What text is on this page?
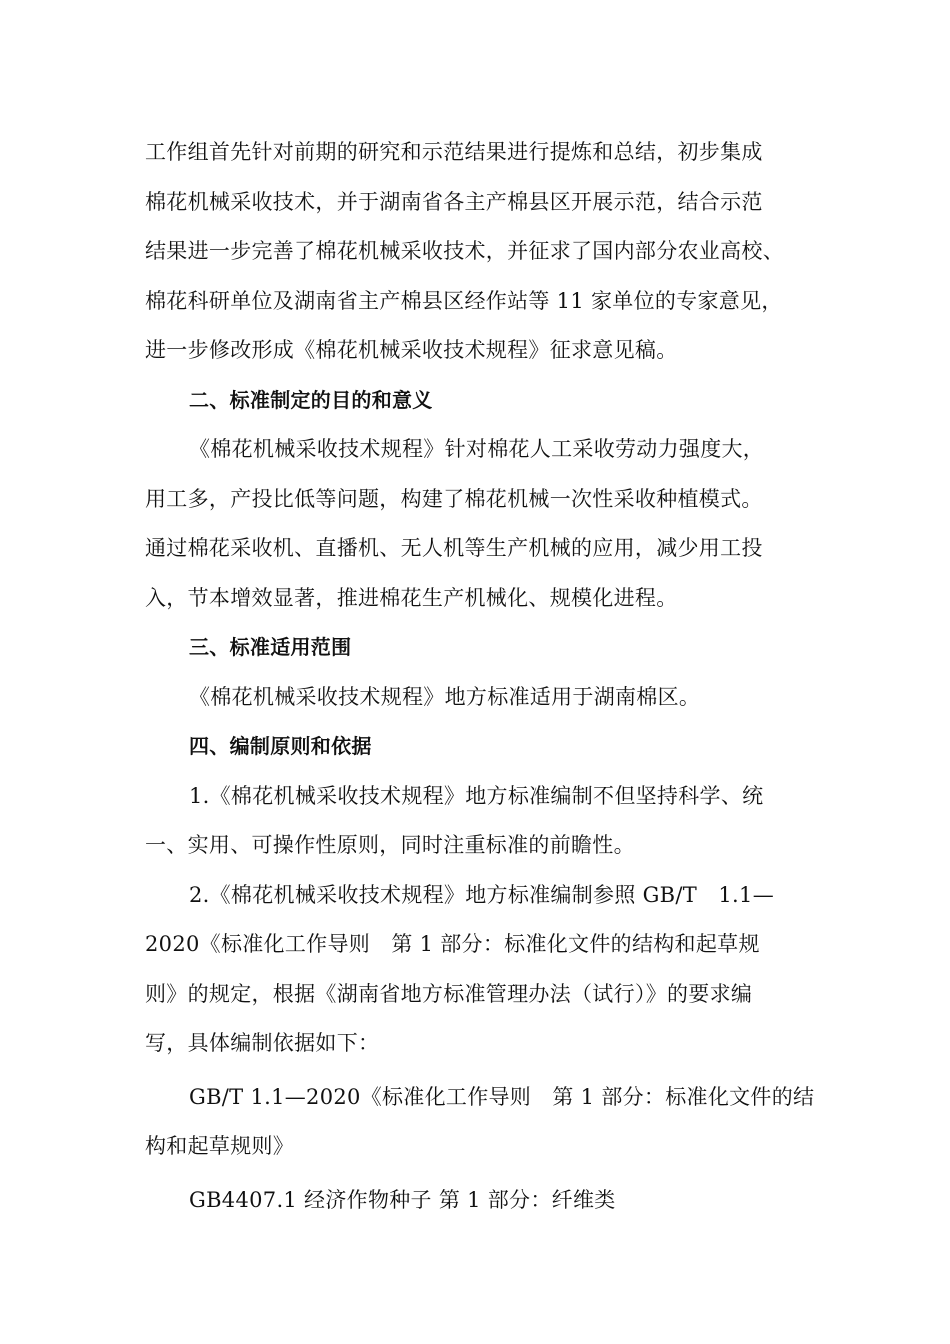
工作组首先针对前期的研究和示范结果进行提炼和总结，初步集成
棉花机械采收技术，并于湖南省各主产棉县区开展示范，结合示范
结果进一步完善了棉花机械采收技术，并征求了国内部分农业高校、
棉花科研单位及湖南省主产棉县区经作站等 11 家单位的专家意见，
进一步修改形成《棉花机械采收技术规程》征求意见稿。
二、标准制定的目的和意义
《棉花机械采收技术规程》针对棉花人工采收劳动力强度大，
用工多，产投比低等问题，构建了棉花机械一次性采收种植模式。
通过棉花采收机、直播机、无人机等生产机械的应用，减少用工投
入，节本增效显著，推进棉花生产机械化、规模化进程。
三、标准适用范围
《棉花机械采收技术规程》地方标准适用于湖南棉区。
四、编制原则和依据
1.《棉花机械采收技术规程》地方标准编制不但坚持科学、统
一、实用、可操作性原则，同时注重标准的前瞻性。
2.《棉花机械采收技术规程》地方标准编制参照 GB/T　1.1—
2020《标准化工作导则　第 1 部分：标准化文件的结构和起草规
则》的规定，根据《湖南省地方标准管理办法（试行）》的要求编
写，具体编制依据如下：
GB/T 1.1—2020《标准化工作导则　第 1 部分：标准化文件的结
构和起草规则》
GB4407.1 经济作物种子 第 1 部分：纤维类
